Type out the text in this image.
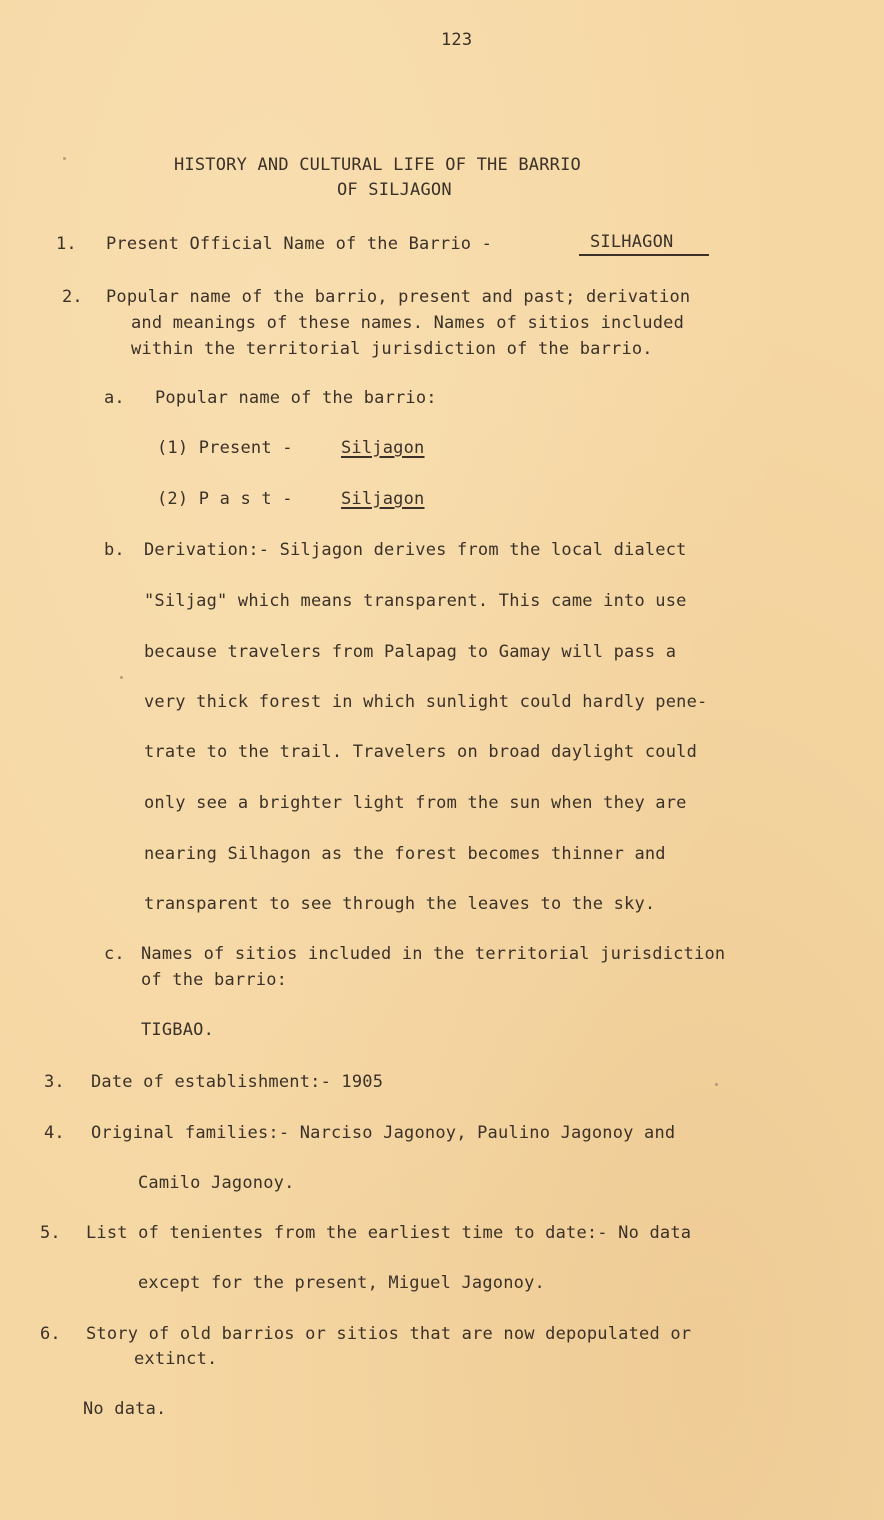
123
HISTORY AND CULTURAL LIFE OF THE BARRIO
OF SILJAGON
1. Present Official Name of the Barrio -	SILHAGON
2. Popular name of the barrio, present and past; derivation
and meanings of these names. Names of sitios included
within the territorial jurisdiction of the barrio.
a. Popular name of the barrio:
(1) Present -	Siljagon
(2) P a s t -	Siljagon
b. Derivation:- Siljagon derives from the local dialect
"Siljag" which means transparent. This came into use
because travelers from Palapag to Gamay will pass a
very thick forest in which sunlight could hardly pene-
trate to the trail. Travelers on broad daylight could
only see a brighter light from the sun when they are
nearing Silhagon as the forest becomes thinner and
transparent to see through the leaves to the sky.
c. Names of sitios included in the territorial jurisdiction
of the barrio:
TIGBAO.
3. Date of establishment:- 1905
4. Original families:- Narciso Jagonoy, Paulino Jagonoy and
Camilo Jagonoy.
5. List of tenientes from the earliest time to date:- No data
except for the present, Miguel Jagonoy.
6. Story of old barrios or sitios that are now depopulated or
extinct.
No data.
